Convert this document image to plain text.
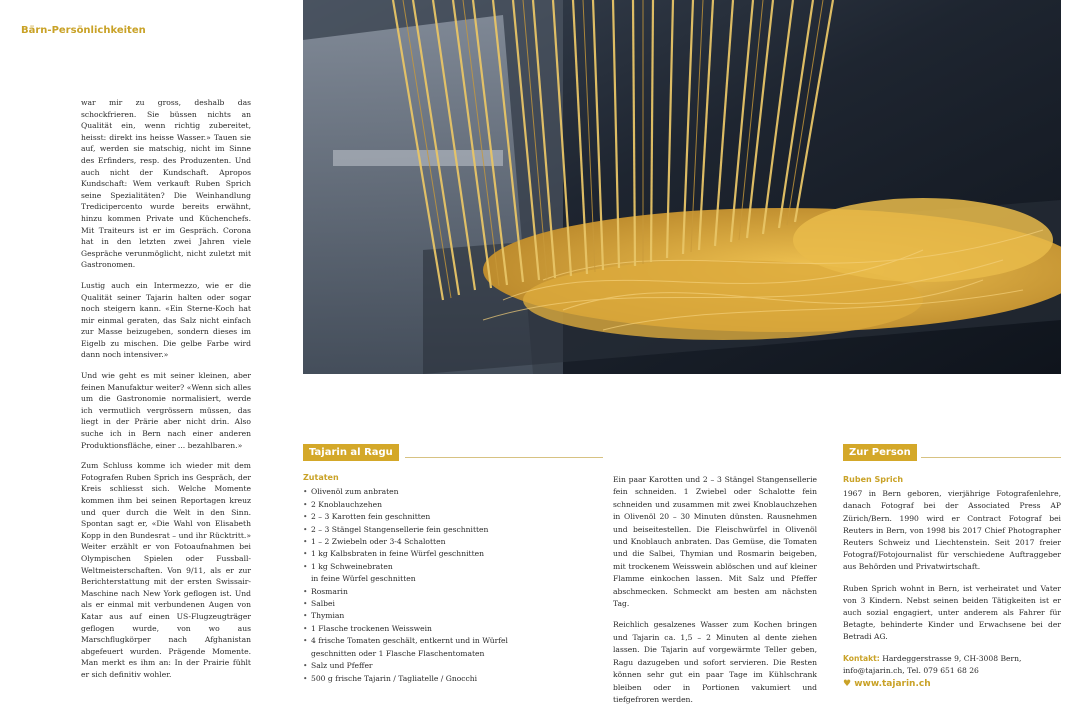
Bärn-Persönlichkeiten

war mir zu gross, deshalb das schockfrieren. Sie büssen nichts an Qualität ein, wenn richtig zubereitet, heisst: direkt ins heisse Wasser.» Tauen sie auf, werden sie matschig, nicht im Sinne des Erfinders, resp. des Produzenten. Und auch nicht der Kundschaft. Apropos Kundschaft: Wem verkauft Ruben Sprich seine Spezialitäten? Die Weinhandlung Tredicipercento wurde bereits erwähnt, hinzu kommen Private und Küchenchefs. Mit Traiteurs ist er im Gespräch. Corona hat in den letzten zwei Jahren viele Gespräche verunmöglicht, nicht zuletzt mit Gastronomen.

Lustig auch ein Intermezzo, wie er die Qualität seiner Tajarin halten oder sogar noch steigern kann. «Ein Sterne-Koch hat mir einmal geraten, das Salz nicht einfach zur Masse beizugeben, sondern dieses im Eigelb zu mischen. Die gelbe Farbe wird dann noch intensiver.»

Und wie geht es mit seiner kleinen, aber feinen Manufaktur weiter? «Wenn sich alles um die Gastronomie normalisiert, werde ich vermutlich vergrössern müssen, das liegt in der Prärie aber nicht drin. Also suche ich in Bern nach einer anderen Produktionsfläche, einer ... bezahlbaren.»

Zum Schluss komme ich wieder mit dem Fotografen Ruben Sprich ins Gespräch, der Kreis schliesst sich. Welche Momente kommen ihm bei seinen Reportagen kreuz und quer durch die Welt in den Sinn. Spontan sagt er, «Die Wahl von Elisabeth Kopp in den Bundesrat – und ihr Rücktritt.» Weiter erzählt er von Fotoaufnahmen bei Olympischen Spielen oder Fussball-Weltmeisterschaften. Von 9/11, als er zur Berichterstattung mit der ersten Swissair-Maschine nach New York geflogen ist. Und als er einmal mit verbundenen Augen von Katar aus auf einen US-Flugzeugträger geflogen wurde, von wo aus Marschflugkörper nach Afghanistan abgefeuert wurden. Prägende Momente. Man merkt es ihm an: In der Prairie fühlt er sich definitiv wohler.

Tajarin al Ragu
Zutaten
• Olivenöl zum anbraten
• 2 Knoblauchzehen
• 2 – 3 Karotten fein geschnitten
• 2 – 3 Stängel Stangensellerie fein geschnitten
• 1 – 2 Zwiebeln oder 3-4 Schalotten
• 1 kg Kalbsbraten in feine Würfel geschnitten
• 1 kg Schweinebraten
in feine Würfel geschnitten
• Rosmarin
• Salbei
• Thymian
• 1 Flasche trockenen Weisswein
• 4 frische Tomaten geschält, entkernt und in Würfel
geschnitten oder 1 Flasche Flaschentomaten
• Salz und Pfeffer
• 500 g frische Tajarin / Tagliatelle / Gnocchi

Ein paar Karotten und 2 – 3 Stängel Stangensellerie fein schneiden. 1 Zwiebel oder Schalotte fein schneiden und zusammen mit zwei Knoblauchzehen in Olivenöl 20 – 30 Minuten dünsten. Rausnehmen und beiseitestellen. Die Fleischwürfel in Olivenöl und Knoblauch anbraten. Das Gemüse, die Tomaten und die Salbei, Thymian und Rosmarin beigeben, mit trockenem Weisswein ablöschen und auf kleiner Flamme einkochen lassen. Mit Salz und Pfeffer abschmecken. Schmeckt am besten am nächsten Tag.

Reichlich gesalzenes Wasser zum Kochen bringen und Tajarin ca. 1,5 – 2 Minuten al dente ziehen lassen. Die Tajarin auf vorgewärmte Teller geben, Ragu dazugeben und sofort servieren. Die Resten können sehr gut ein paar Tage im Kühlschrank bleiben oder in Portionen vakumiert und tiefgefroren werden.

Zur Person
Ruben Sprich

1967 in Bern geboren, vierjährige Fotografenlehre, danach Fotograf bei der Associated Press AP Zürich/Bern. 1990 wird er Contract Fotograf bei Reuters in Bern, von 1998 bis 2017 Chief Photographer Reuters Schweiz und Liechtenstein. Seit 2017 freier Fotograf/Fotojournalist für verschiedene Auftraggeber aus Behörden und Privatwirtschaft.

Ruben Sprich wohnt in Bern, ist verheiratet und Vater von 3 Kindern. Nebst seinen beiden Tätigkeiten ist er auch sozial engagiert, unter anderem als Fahrer für Betagte, behinderte Kinder und Erwachsene bei der Betradi AG.

Kontakt: Hardeggerstrasse 9, CH-3008 Bern,
info@tajarin.ch, Tel. 079 651 68 26

♥ www.tajarin.ch
